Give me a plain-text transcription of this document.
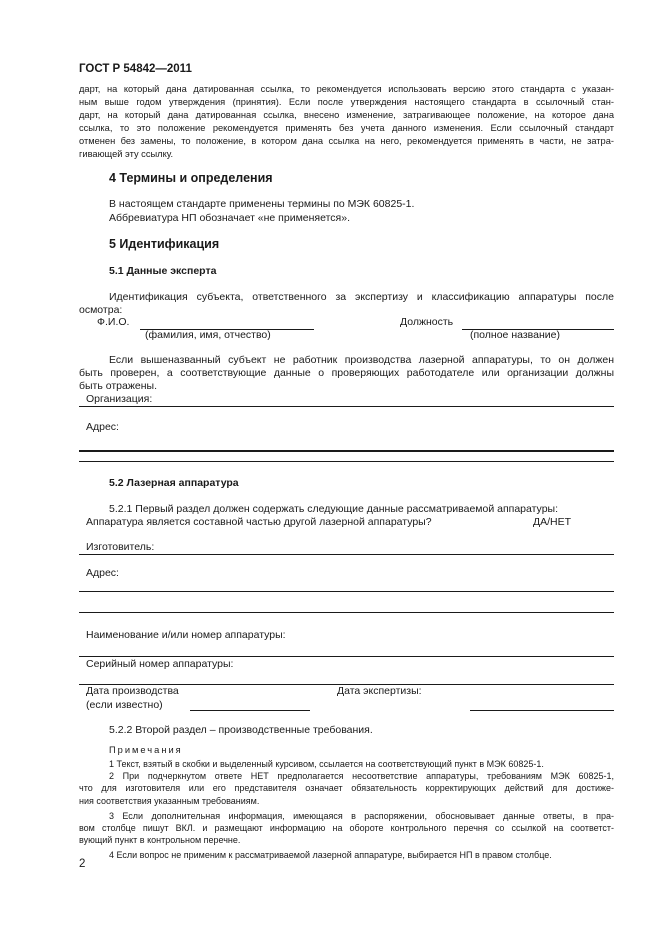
ГОСТ Р 54842—2011
дарт, на который дана датированная ссылка, то рекомендуется использовать версию этого стандарта с указан-
ным выше годом утверждения (принятия). Если после утверждения настоящего стандарта в ссылочный стан-
дарт, на который дана датированная ссылка, внесено изменение, затрагивающее положение, на которое дана
ссылка, то это положение рекомендуется применять без учета данного изменения. Если ссылочный стандарт
отменен без замены, то положение, в котором дана ссылка на него, рекомендуется применять в части, не затра-
гивающей эту ссылку.
4 Термины и определения
В настоящем стандарте применены термины по МЭК 60825-1.
Аббревиатура НП обозначает «не применяется».
5 Идентификация
5.1 Данные эксперта
Идентификация субъекта, ответственного за экспертизу и классификацию аппаратуры после
осмотра:
Ф.И.О.
(фамилия, имя, отчество)
Должность
(полное название)
Если вышеназванный субъект не работник производства лазерной аппаратуры, то он должен
быть проверен, а соответствующие данные о проверяющих работодателе или организации должны
быть отражены.
Организация:
Адрес:
5.2 Лазерная аппаратура
5.2.1 Первый раздел должен содержать следующие данные рассматриваемой аппаратуры:
Аппаратура является составной частью другой лазерной аппаратуры?	ДА/НЕТ
Изготовитель:
Адрес:
Наименование и/или номер аппаратуры:
Серийный номер аппаратуры:
Дата производства
(если известно)
Дата экспертизы:
5.2.2 Второй раздел – производственные требования.
Примечания
1 Текст, взятый в скобки и выделенный курсивом, ссылается на соответствующий пункт в МЭК 60825-1.
2 При подчеркнутом ответе НЕТ предполагается несоответствие аппаратуры, требованиям МЭК 60825-1,
что для изготовителя или его представителя означает обязательность корректирующих действий для достиже-
ния соответствия указанным требованиям.
3 Если дополнительная информация, имеющаяся в распоряжении, обосновывает данные ответы, в пра-
вом столбце пишут ВКЛ. и размещают информацию на обороте контрольного перечня со ссылкой на соответст-
вующий пункт в контрольном перечне.
4 Если вопрос не применим к рассматриваемой лазерной аппаратуре, выбирается НП в правом столбце.
2
